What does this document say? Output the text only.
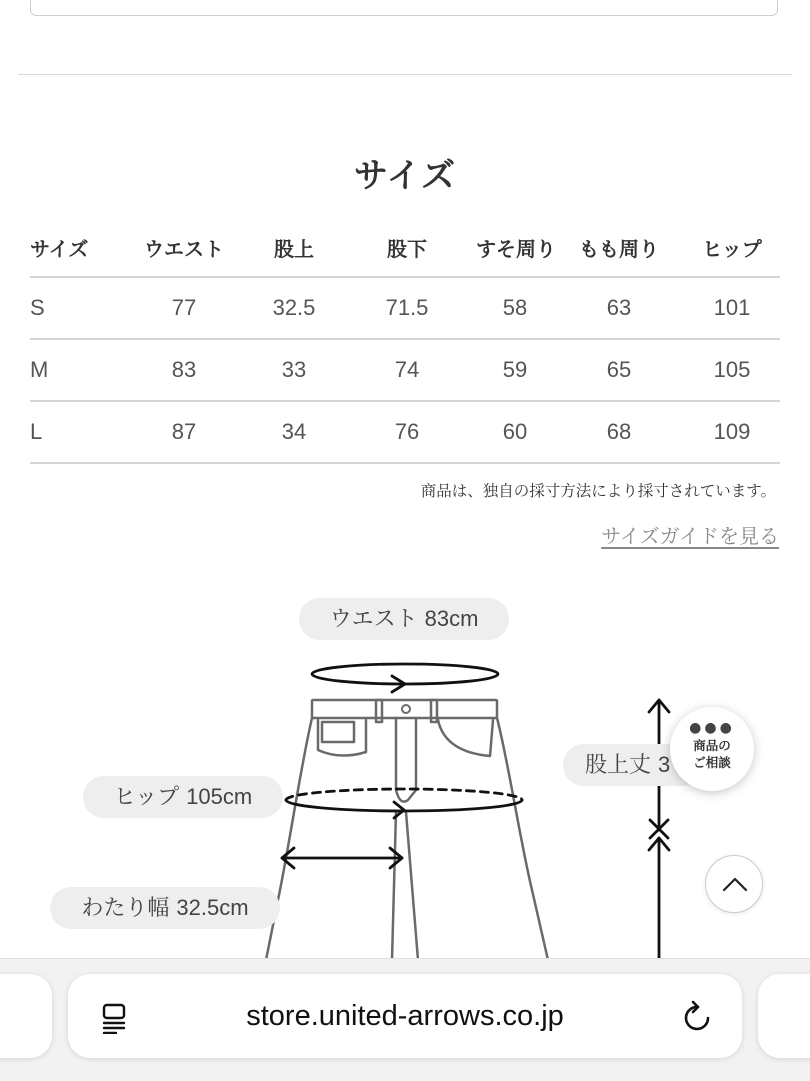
サイズ
サイズ	ウエスト	股上	股下	すそ周り	もも周り	ヒップ
S	77	32.5	71.5	58	63	101
M	83	33	74	59	65	105
L	87	34	76	60	68	109
商品は、独自の採寸方法により採寸されています。
サイズガイドを見る
ウエスト 83cm
ヒップ 105cm
わたり幅 32.5cm
股上丈 3
●●●
商品の
ご相談
store.united-arrows.co.jp
